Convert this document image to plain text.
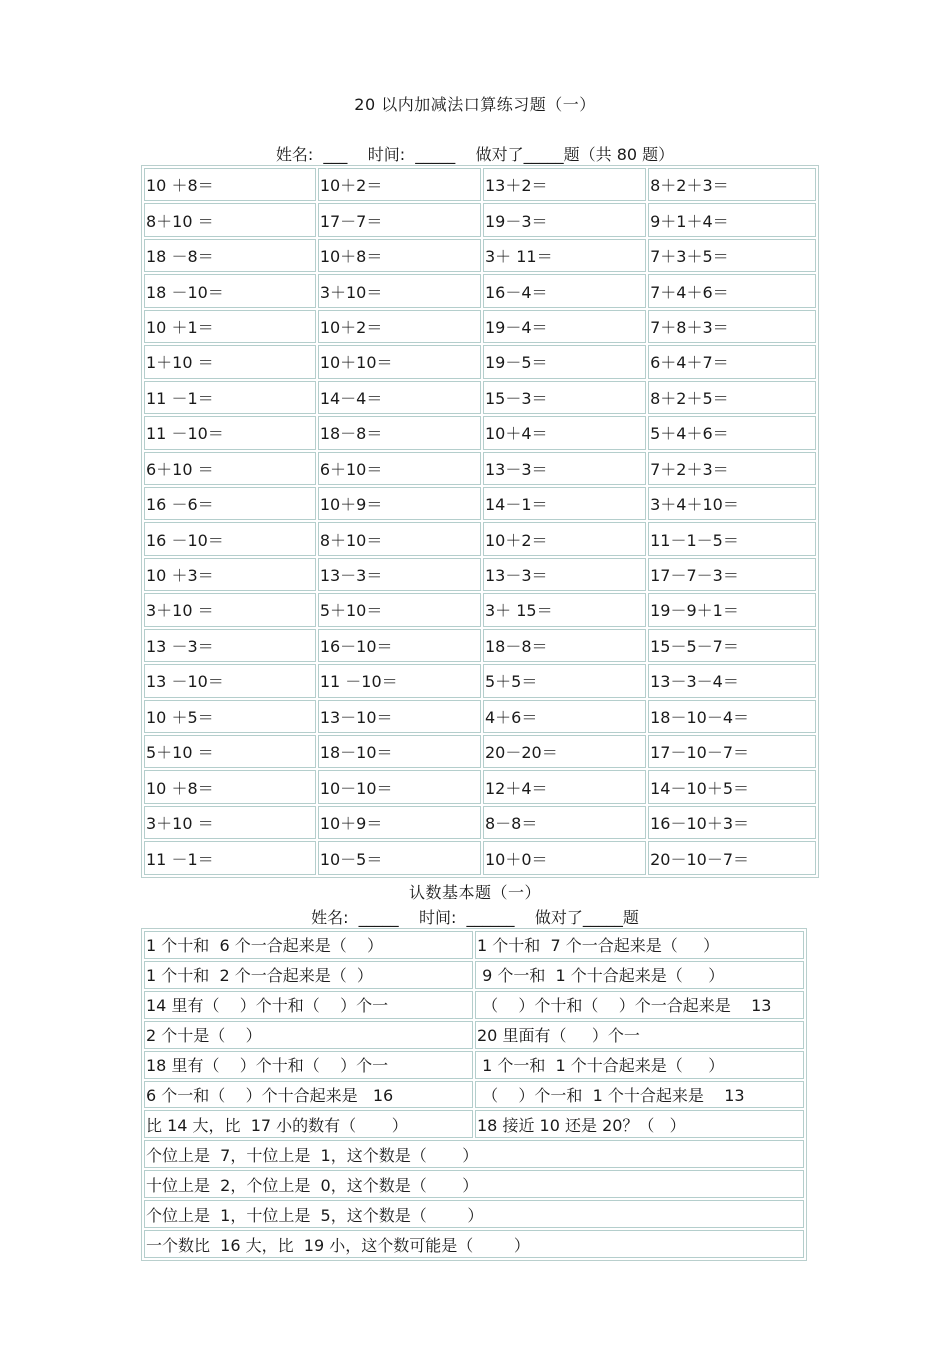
20 以内加减法口算练习题（一）
姓名:  ___    时间:  _____    做对了_____题（共 80 题）
10 ＋8＝	10＋2＝	13＋2＝	8＋2＋3＝
8＋10 ＝	17－7＝	19－3＝	9＋1＋4＝
18 －8＝	10＋8＝	3＋ 11＝	7＋3＋5＝
18 －10＝	3＋10＝	16－4＝	7＋4＋6＝
10 ＋1＝	10＋2＝	19－4＝	7＋8＋3＝
1＋10 ＝	10＋10＝	19－5＝	6＋4＋7＝
11 －1＝	14－4＝	15－3＝	8＋2＋5＝
11 －10＝	18－8＝	10＋4＝	5＋4＋6＝
6＋10 ＝	6＋10＝	13－3＝	7＋2＋3＝
16 －6＝	10＋9＝	14－1＝	3＋4＋10＝
16 －10＝	8＋10＝	10＋2＝	11－1－5＝
10 ＋3＝	13－3＝	13－3＝	17－7－3＝
3＋10 ＝	5＋10＝	3＋ 15＝	19－9＋1＝
13 －3＝	16－10＝	18－8＝	15－5－7＝
13 －10＝	11 －10＝	5＋5＝	13－3－4＝
10 ＋5＝	13－10＝	4＋6＝	18－10－4＝
5＋10 ＝	18－10＝	20－20＝	17－10－7＝
10 ＋8＝	10－10＝	12＋4＝	14－10＋5＝
3＋10 ＝	10＋9＝	8－8＝	16－10＋3＝
11 －1＝	10－5＝	10＋0＝	20－10－7＝
认数基本题（一）
姓名:  _____    时间:  ______    做对了_____题
1 个十和  6 个一合起来是（    ）	1 个十和  7 个一合起来是（     ）
1 个十和  2 个一合起来是（  ）	9 个一和  1 个十合起来是（     ）
14 里有（    ）个十和（    ）个一	（    ）个十和（    ）个一合起来是    13
2 个十是（    ）	20 里面有（     ）个一
18 里有（    ）个十和（    ）个一	1 个一和  1 个十合起来是（     ）
6 个一和（    ）个十合起来是   16	（    ）个一和  1 个十合起来是    13
比 14 大，比  17 小的数有（       ）	18 接近 10 还是 20？（   ）
个位上是  7，十位上是  1，这个数是（       ）	
十位上是  2，个位上是  0，这个数是（       ）	
个位上是  1，十位上是  5，这个数是（        ）	
一个数比  16 大，比  19 小，这个数可能是（        ）	
